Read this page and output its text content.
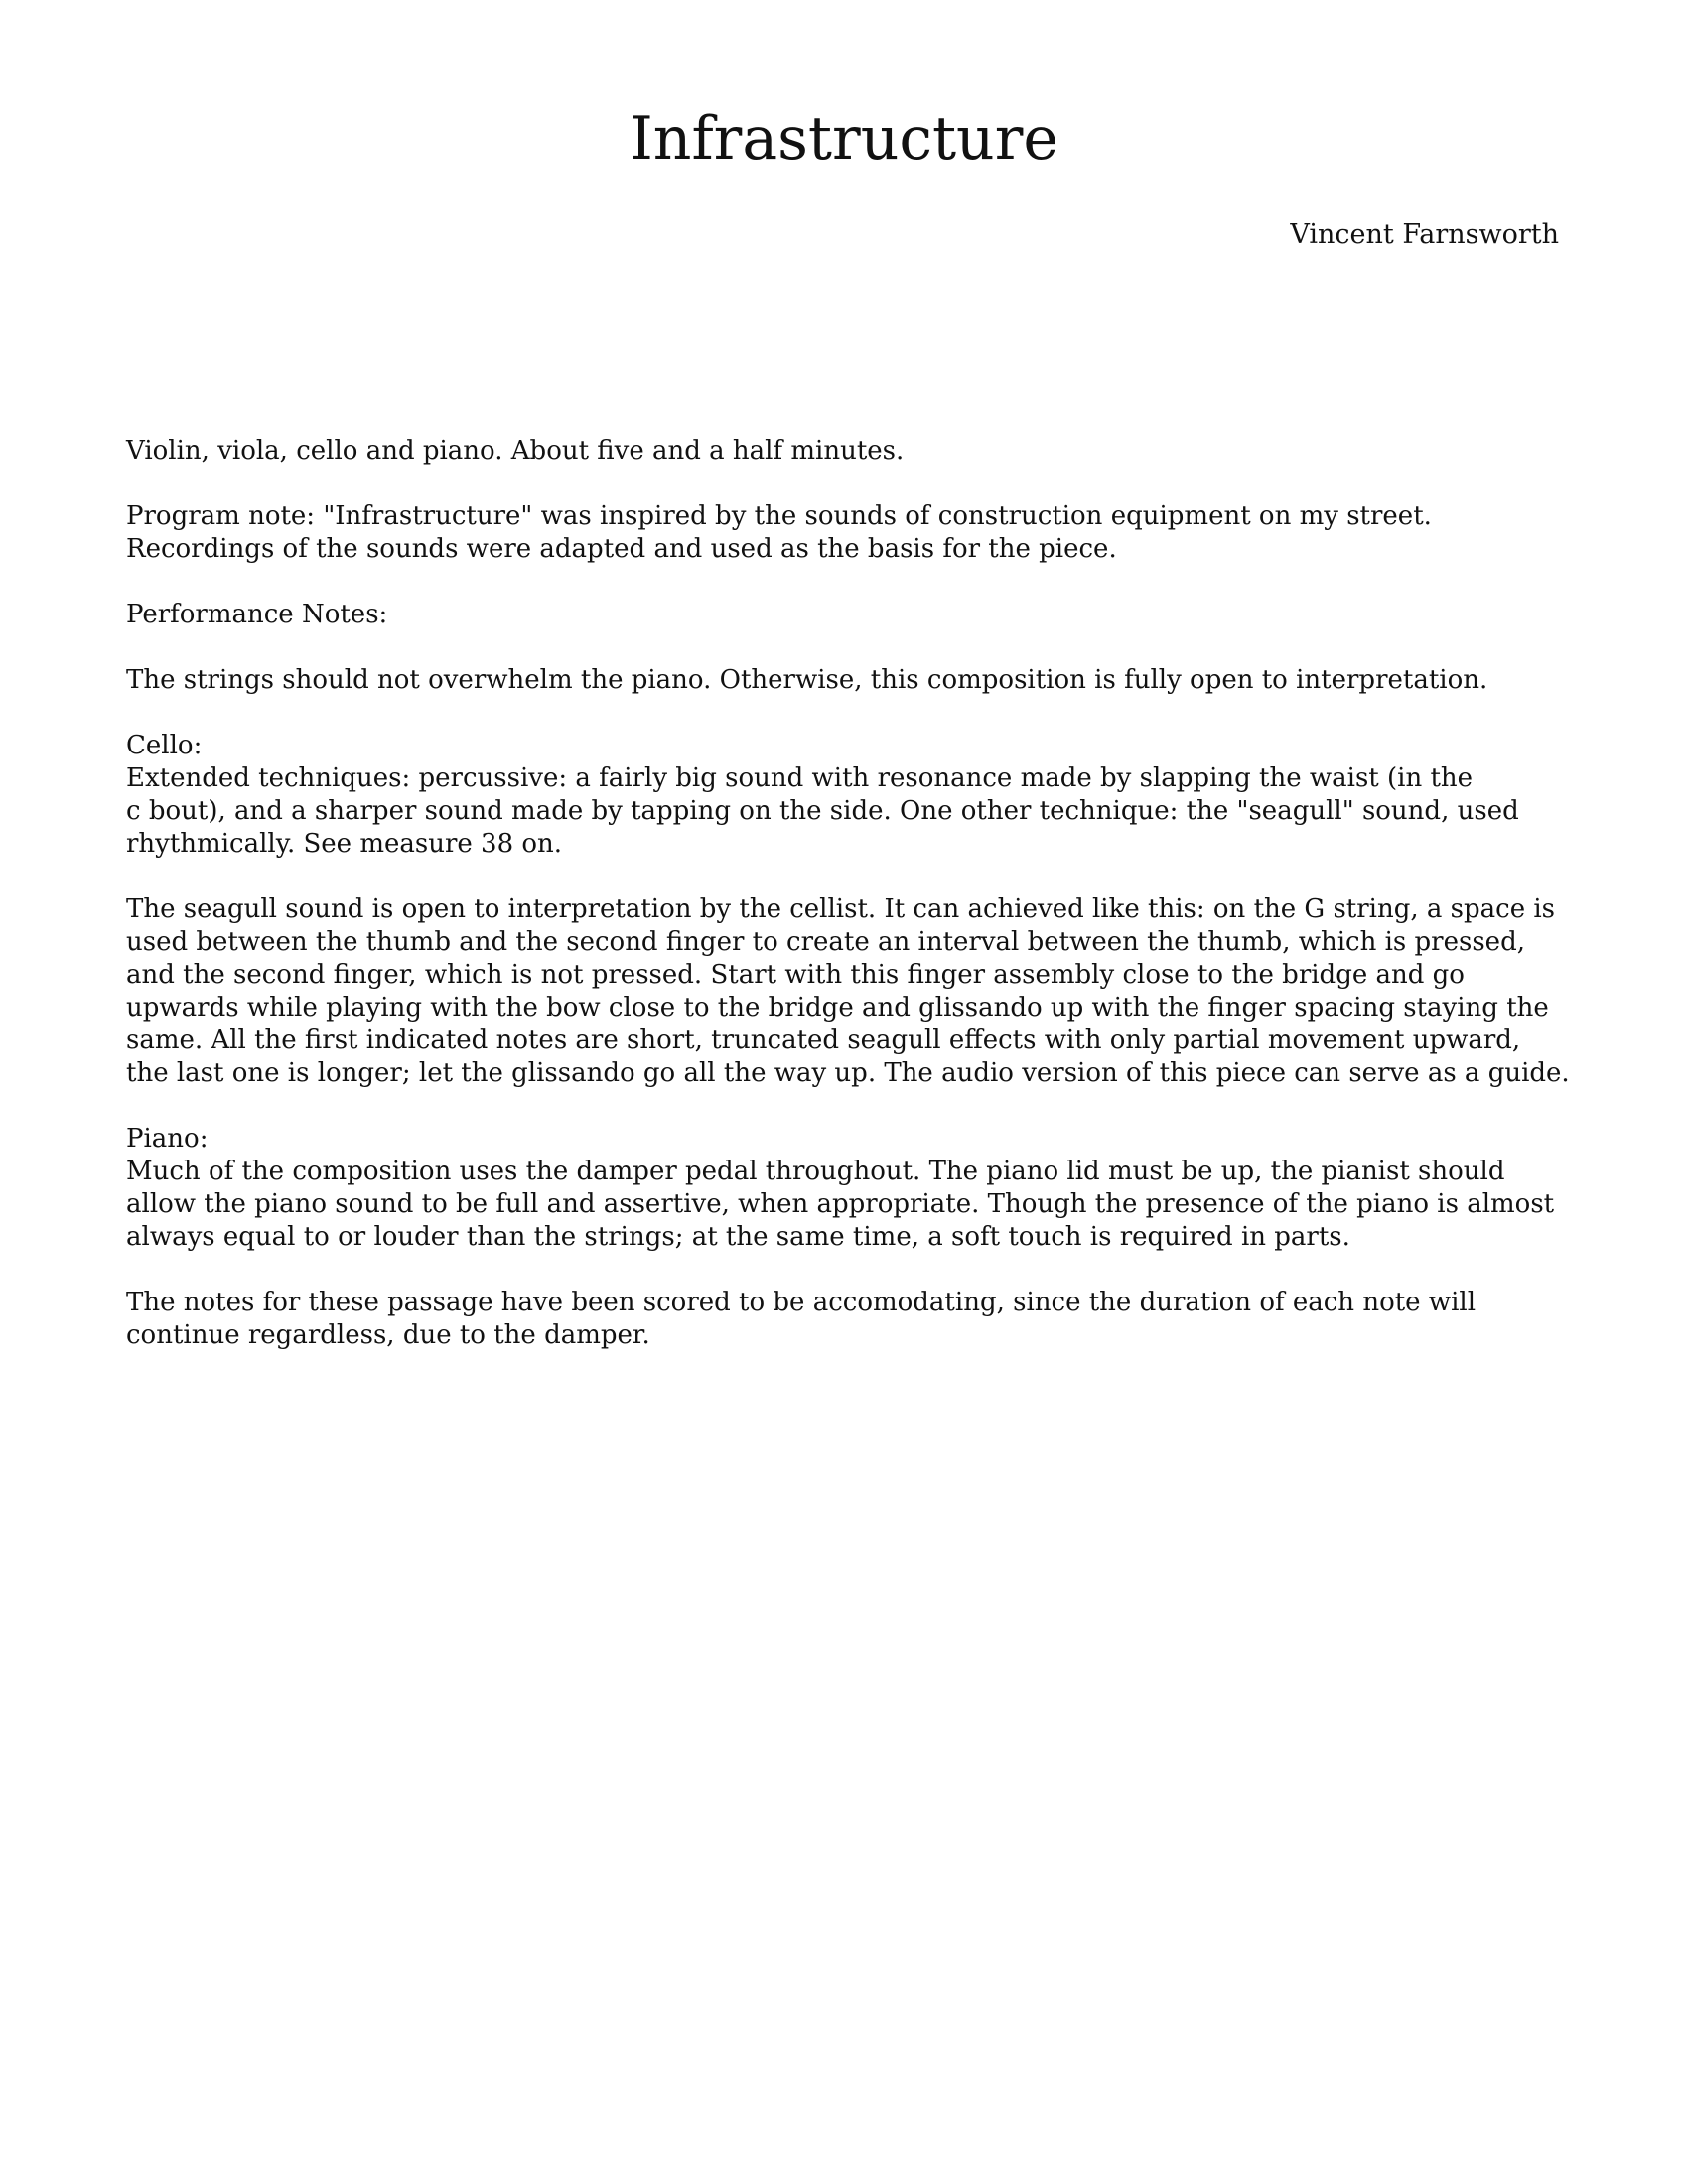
Infrastructure
Vincent Farnsworth

Violin, viola, cello and piano. About five and a half minutes.

Program note: "Infrastructure" was inspired by the sounds of construction equipment on my street.
Recordings of the sounds were adapted and used as the basis for the piece.

Performance Notes:

The strings should not overwhelm the piano. Otherwise, this composition is fully open to interpretation.

Cello:
Extended techniques: percussive: a fairly big sound with resonance made by slapping the waist (in the
c bout), and a sharper sound made by tapping on the side. One other technique: the "seagull" sound, used
rhythmically. See measure 38 on.

The seagull sound is open to interpretation by the cellist. It can achieved like this: on the G string, a space is
used between the thumb and the second finger to create an interval between the thumb, which is pressed,
and the second finger, which is not pressed. Start with this finger assembly close to the bridge and go
upwards while playing with the bow close to the bridge and glissando up with the finger spacing staying the
same. All the first indicated notes are short, truncated seagull effects with only partial movement upward,
the last one is longer; let the glissando go all the way up. The audio version of this piece can serve as a guide.

Piano:
Much of the composition uses the damper pedal throughout. The piano lid must be up, the pianist should
allow the piano sound to be full and assertive, when appropriate. Though the presence of the piano is almost
always equal to or louder than the strings; at the same time, a soft touch is required in parts.

The notes for these passage have been scored to be accomodating, since the duration of each note will
continue regardless, due to the damper.
